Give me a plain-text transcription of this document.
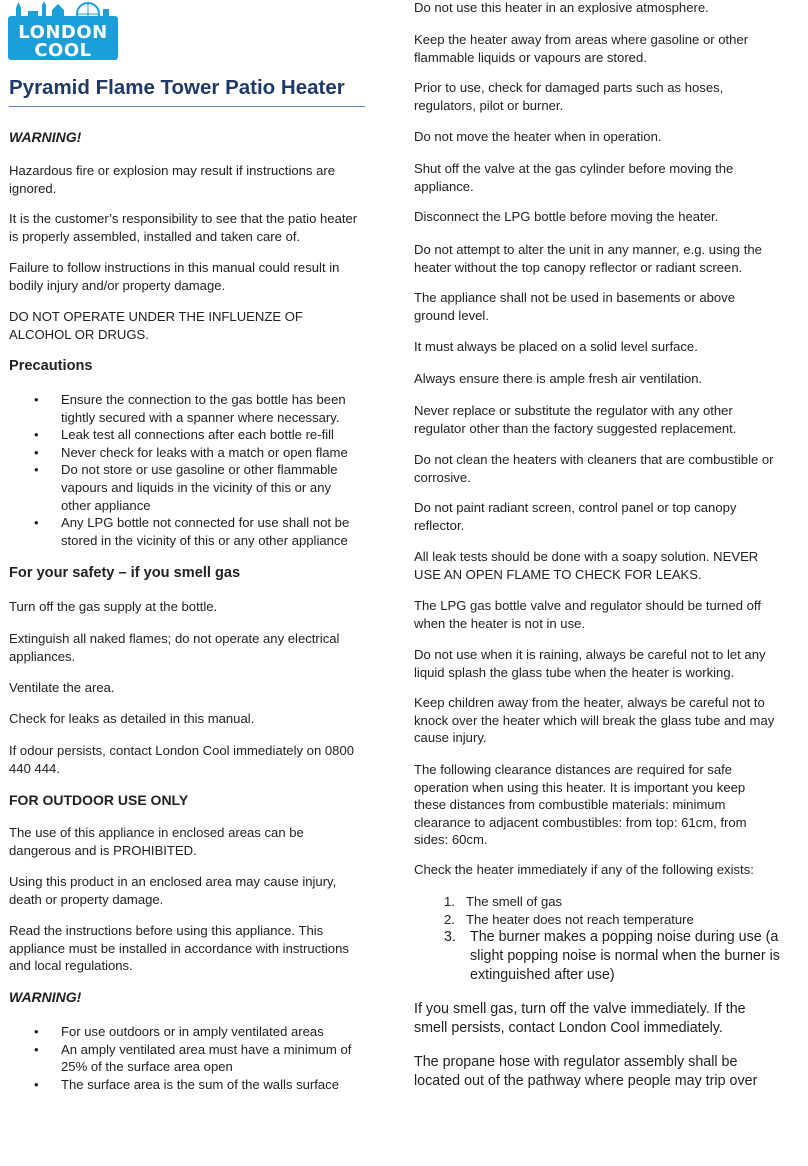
LONDON
COOL
Pyramid Flame Tower Patio Heater

WARNING!

Hazardous fire or explosion may result if instructions are ignored.

It is the customer’s responsibility to see that the patio heater is properly assembled, installed and taken care of.

Failure to follow instructions in this manual could result in bodily injury and/or property damage.

DO NOT OPERATE UNDER THE INFLUENZE OF ALCOHOL OR DRUGS.

Precautions

• Ensure the connection to the gas bottle has been tightly secured with a spanner where necessary.
• Leak test all connections after each bottle re-fill
• Never check for leaks with a match or open flame
• Do not store or use gasoline or other flammable vapours and liquids in the vicinity of this or any other appliance
• Any LPG bottle not connected for use shall not be stored in the vicinity of this or any other appliance

For your safety – if you smell gas

Turn off the gas supply at the bottle.

Extinguish all naked flames; do not operate any electrical appliances.

Ventilate the area.

Check for leaks as detailed in this manual.

If odour persists, contact London Cool immediately on 0800 440 444.

FOR OUTDOOR USE ONLY

The use of this appliance in enclosed areas can be dangerous and is PROHIBITED.

Using this product in an enclosed area may cause injury, death or property damage.

Read the instructions before using this appliance. This appliance must be installed in accordance with instructions and local regulations.

WARNING!

• For use outdoors or in amply ventilated areas
• An amply ventilated area must have a minimum of 25% of the surface area open
• The surface area is the sum of the walls surface

Do not use this heater in an explosive atmosphere.

Keep the heater away from areas where gasoline or other flammable liquids or vapours are stored.

Prior to use, check for damaged parts such as hoses, regulators, pilot or burner.

Do not move the heater when in operation.

Shut off the valve at the gas cylinder before moving the appliance.

Disconnect the LPG bottle before moving the heater.

Do not attempt to alter the unit in any manner, e.g. using the heater without the top canopy reflector or radiant screen.

The appliance shall not be used in basements or above ground level.

It must always be placed on a solid level surface.

Always ensure there is ample fresh air ventilation.

Never replace or substitute the regulator with any other regulator other than the factory suggested replacement.

Do not clean the heaters with cleaners that are combustible or corrosive.

Do not paint radiant screen, control panel or top canopy reflector.

All leak tests should be done with a soapy solution. NEVER USE AN OPEN FLAME TO CHECK FOR LEAKS.

The LPG gas bottle valve and regulator should be turned off when the heater is not in use.

Do not use when it is raining, always be careful not to let any liquid splash the glass tube when the heater is working.

Keep children away from the heater, always be careful not to knock over the heater which will break the glass tube and may cause injury.

The following clearance distances are required for safe operation when using this heater. It is important you keep these distances from combustible materials: minimum clearance to adjacent combustibles: from top: 61cm, from sides: 60cm.

Check the heater immediately if any of the following exists:

1. The smell of gas
2. The heater does not reach temperature
3. The burner makes a popping noise during use (a slight popping noise is normal when the burner is extinguished after use)

If you smell gas, turn off the valve immediately. If the smell persists, contact London Cool immediately.

The propane hose with regulator assembly shall be located out of the pathway where people may trip over
